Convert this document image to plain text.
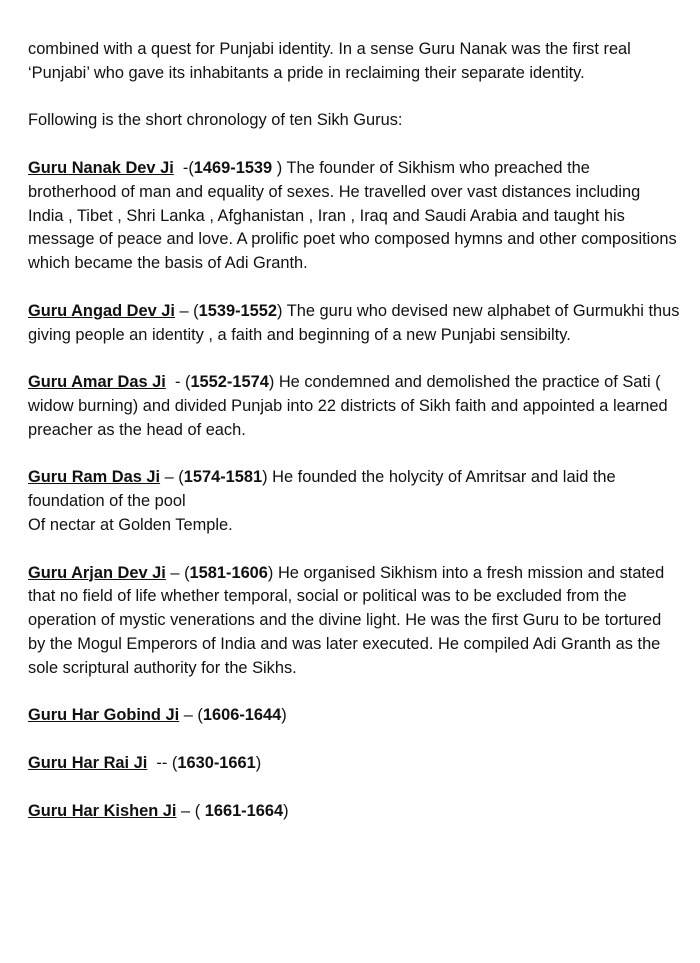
combined with a quest for Punjabi identity. In a sense Guru Nanak was the first real ‘Punjabi’ who gave its inhabitants a pride in reclaiming their separate identity.

Following is the short chronology of ten Sikh Gurus:

Guru Nanak Dev Ji  -(1469-1539 ) The founder of Sikhism who preached the brotherhood of man and equality of sexes. He travelled over vast distances including India , Tibet , Shri Lanka , Afghanistan , Iran , Iraq and Saudi Arabia and taught his message of peace and love. A prolific poet who composed hymns and other compositions which became the basis of Adi Granth.

Guru Angad Dev Ji – (1539-1552) The guru who devised new alphabet of Gurmukhi thus giving people an identity , a faith and beginning of a new Punjabi sensibilty.

Guru Amar Das Ji  - (1552-1574) He condemned and demolished the practice of Sati ( widow burning) and divided Punjab into 22 districts of Sikh faith and appointed a learned preacher as the head of each.

Guru Ram Das Ji – (1574-1581) He founded the holycity of Amritsar and laid the foundation of the pool
Of nectar at Golden Temple.

Guru Arjan Dev Ji – (1581-1606) He organised Sikhism into a fresh mission and stated that no field of life whether temporal, social or political was to be excluded from the operation of mystic venerations and the divine light. He was the first Guru to be tortured by the Mogul Emperors of India and was later executed. He compiled Adi Granth as the sole scriptural authority for the Sikhs.

Guru Har Gobind Ji – (1606-1644)

Guru Har Rai Ji  -- (1630-1661)

Guru Har Kishen Ji – ( 1661-1664)
